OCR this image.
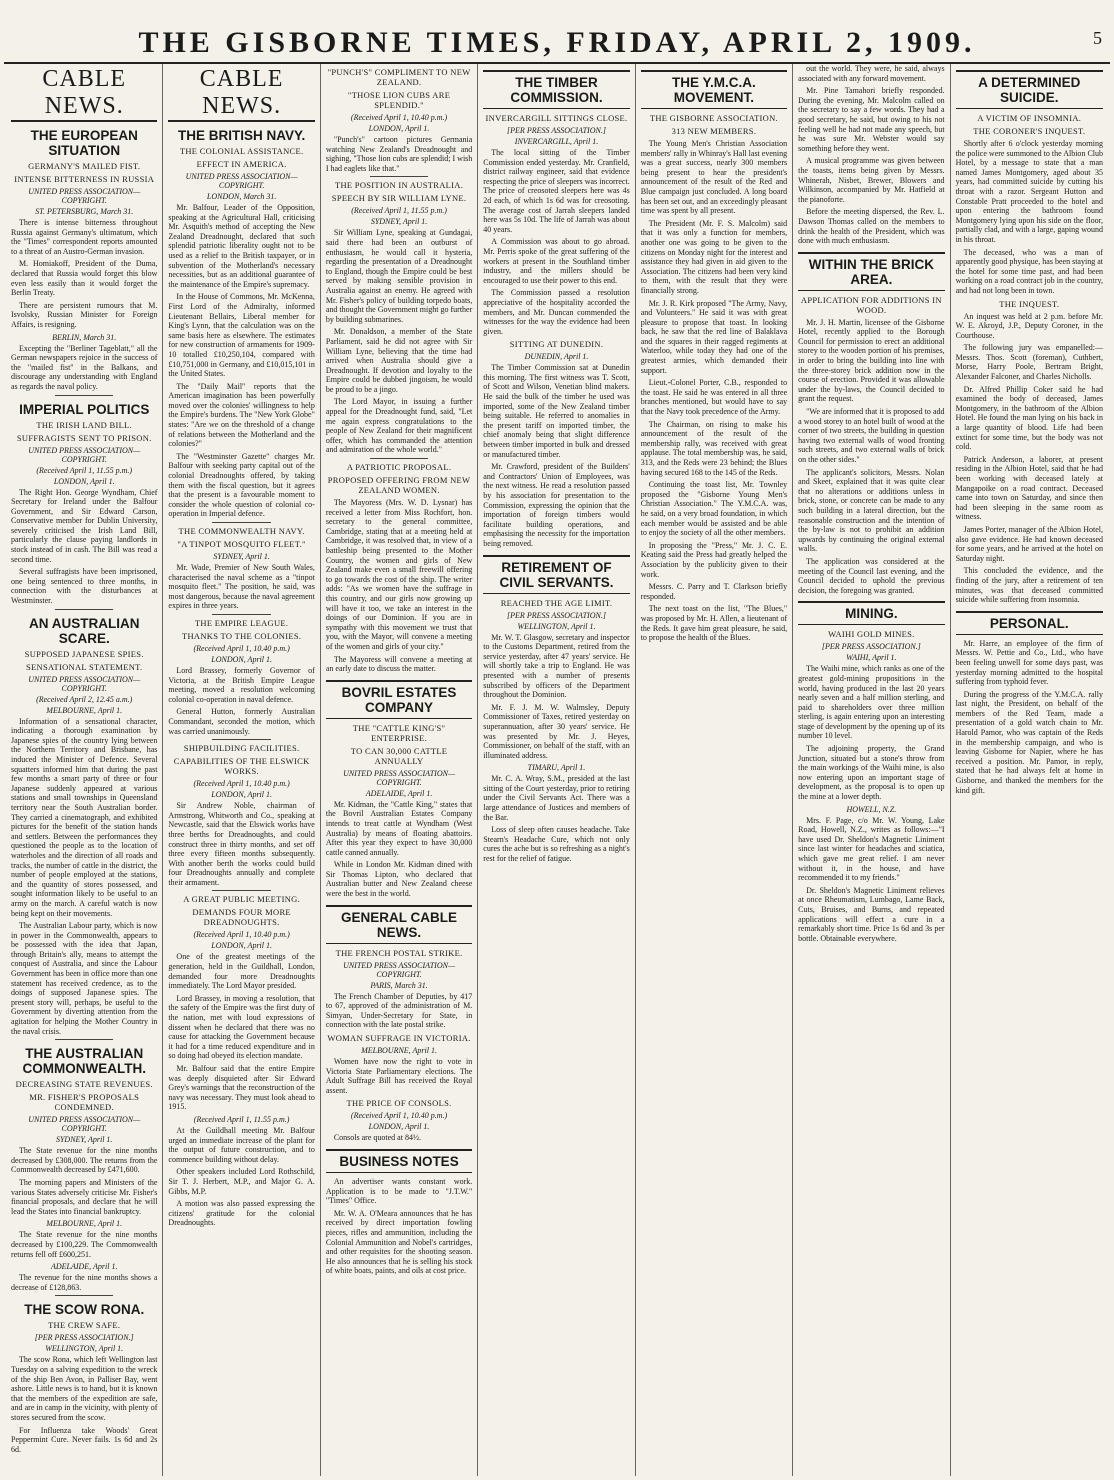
THE GISBORNE TIMES, FRIDAY, APRIL 2, 1909.	5
CABLE NEWS.
THE EUROPEAN SITUATION
GERMANY'S MAILED FIST.
INTENSE BITTERNESS IN RUSSIA
UNITED PRESS ASSOCIATION—COPYRIGHT.
ST. PETERSBURG, March 31.

There is intense bitterness throughout Russia against Germany's ultimatum, which the "Times" correspondent reports amounted to a threat of an Austro-German invasion.

M. Homiakoff, President of the Duma, declared that Russia would forget this blow even less easily than it would forget the Berlin Treaty.

There are persistent rumours that M. Isvolsky, Russian Minister for Foreign Affairs, is resigning.

BERLIN, March 31.

Excepting the "Berliner Tageblatt," all the German newspapers rejoice in the success of the "mailed fist" in the Balkans, and discourage any understanding with England as regards the naval policy.

IMPERIAL POLITICS
THE IRISH LAND BILL.
SUFFRAGISTS SENT TO PRISON.
UNITED PRESS ASSOCIATION—COPYRIGHT.
(Received April 1, 11.55 p.m.)
LONDON, April 1.

The Right Hon. George Wyndham, Chief Secretary for Ireland under the Balfour Government, and Sir Edward Carson, Conservative member for Dublin University, severely criticised the Irish Land Bill, particularly the clause paying landlords in stock instead of in cash. The Bill was read a second time.

Several suffragists have been imprisoned, one being sentenced to three months, in connection with the disturbances at Westminster.

AN AUSTRALIAN SCARE.
SUPPOSED JAPANESE SPIES.
SENSATIONAL STATEMENT.
UNITED PRESS ASSOCIATION—COPYRIGHT.
(Received April 2, 12.45 a.m.)
MELBOURNE, April 1.

Information of a sensational character, indicating a thorough examination by Japanese spies of the country lying between the Northern Territory and Brisbane, has induced the Minister of Defence. Several squatters informed him that during the past few months a smart party of three or four Japanese suddenly appeared at various stations and small townships in Queensland territory near the South Australian border. They carried a cinematograph, and exhibited pictures for the benefit of the station hands and settlers. Between the performances they questioned the people as to the location of waterholes and the direction of all roads and tracks, the number of cattle in the district, the number of people employed at the stations, and the quantity of stores possessed, and sought information likely to be useful to an army on the march. A careful watch is now being kept on their movements.

The Australian Labour party, which is now in power in the Commonwealth, appears to be possessed with the idea that Japan, through Britain's ally, means to attempt the conquest of Australia, and since the Labour Government has been in office more than one statement has received credence, as to the doings of supposed Japanese spies. The present story will, perhaps, be useful to the Government by diverting attention from the agitation for helping the Mother Country in the naval crisis.

THE AUSTRALIAN COMMONWEALTH.
DECREASING STATE REVENUES.
MR. FISHER'S PROPOSALS CONDEMNED.
UNITED PRESS ASSOCIATION—COPYRIGHT.
SYDNEY, April 1.

The State revenue for the nine months decreased by £308,000. The returns from the Commonwealth decreased by £471,600.

The morning papers and Ministers of the various States adversely criticise Mr. Fisher's financial proposals, and declare that he will lead the States into financial bankruptcy.

MELBOURNE, April 1.

The State revenue for the nine months decreased by £100,229. The Commonwealth returns fell off £600,251.

ADELAIDE, April 1.

The revenue for the nine months shows a decrease of £128,863.

THE SCOW RONA.
THE CREW SAFE.
[PER PRESS ASSOCIATION.]
WELLINGTON, April 1.

The scow Rona, which left Wellington last Tuesday on a salving expedition to the wreck of the ship Ben Avon, in Palliser Bay, went ashore. Little news is to hand, but it is known that the members of the expedition are safe, and are in camp in the vicinity, with plenty of stores secured from the scow.

For Influenza take Woods' Great Peppermint Cure. Never fails. 1s 6d and 2s 6d.

CABLE NEWS.
THE BRITISH NAVY.
THE COLONIAL ASSISTANCE.
EFFECT IN AMERICA.
UNITED PRESS ASSOCIATION—COPYRIGHT.
LONDON, March 31.

Mr. Balfour, Leader of the Opposition, speaking at the Agricultural Hall, criticising Mr. Asquith's method of accepting the New Zealand Dreadnought, declared that such splendid patriotic liberality ought not to be used as a relief to the British taxpayer, or in subvention of the Motherland's necessary necessities, but as an additional guarantee of the maintenance of the Empire's supremacy.

In the House of Commons, Mr. McKenna, First Lord of the Admiralty, informed Lieutenant Bellairs, Liberal member for King's Lynn, that the calculation was on the same basis here as elsewhere. The estimates for new construction of armaments for 1909-10 totalled £10,250,104, compared with £10,751,000 in Germany, and £10,015,101 in the United States.

The "Daily Mail" reports that the American imagination has been powerfully moved over the colonies' willingness to help the Empire's burdens. The "New York Globe" states: "Are we on the threshold of a change of relations between the Motherland and the colonies?"

The "Westminster Gazette" charges Mr. Balfour with seeking party capital out of the colonial Dreadnoughts offered, by taking them with the fiscal question, but it agrees that the present is a favourable moment to consider the whole question of colonial co-operation in Imperial defence.

THE COMMONWEALTH NAVY.
"A TINPOT MOSQUITO FLEET."
SYDNEY, April 1.

Mr. Wade, Premier of New South Wales, characterised the naval scheme as a "tinpot mosquito fleet." The position, he said, was most dangerous, because the naval agreement expires in three years.

THE EMPIRE LEAGUE.
THANKS TO THE COLONIES.
(Received April 1, 10.40 p.m.)
LONDON, April 1.

Lord Brassey, formerly Governor of Victoria, at the British Empire League meeting, moved a resolution welcoming colonial co-operation in naval defence.

General Hutton, formerly Australian Commandant, seconded the motion, which was carried unanimously.

SHIPBUILDING FACILITIES.
CAPABILITIES OF THE ELSWICK WORKS.
(Received April 1, 10.40 p.m.)
LONDON, April 1.

Sir Andrew Noble, chairman of Armstrong, Whitworth and Co., speaking at Newcastle, said that the Elswick works have three berths for Dreadnoughts, and could construct three in thirty months, and set off three every fifteen months subsequently. With another berth the works could build four Dreadnoughts annually and complete their armament.

A GREAT PUBLIC MEETING.
DEMANDS FOUR MORE DREADNOUGHTS.
(Received April 1, 10.40 p.m.)
LONDON, April 1.

One of the greatest meetings of the generation, held in the Guildhall, London, demanded four more Dreadnoughts immediately. The Lord Mayor presided.

Lord Brassey, in moving a resolution, that the safety of the Empire was the first duty of the nation, met with loud expressions of dissent when he declared that there was no cause for attacking the Government because it had for a time reduced expenditure and in so doing had obeyed its election mandate.

Mr. Balfour said that the entire Empire was deeply disquieted after Sir Edward Grey's warnings that the reconstruction of the navy was necessary. They must look ahead to 1915.

(Received April 1, 11.55 p.m.)

At the Guildhall meeting Mr. Balfour urged an immediate increase of the plant for the output of future construction, and to commence building without delay.

Other speakers included Lord Rothschild, Sir T. J. Herbert, M.P., and Major G. A. Gibbs, M.P.

A motion was also passed expressing the citizens' gratitude for the colonial Dreadnoughts.

"PUNCH'S" COMPLIMENT TO NEW ZEALAND.
"THOSE LION CUBS ARE SPLENDID."
(Received April 1, 10.40 p.m.)
LONDON, April 1.

"Punch's" cartoon pictures Germania watching New Zealand's Dreadnought and sighing, "Those lion cubs are splendid; I wish I had eaglets like that."

THE POSITION IN AUSTRALIA.
SPEECH BY SIR WILLIAM LYNE.
(Received April 1, 11.55 p.m.)
SYDNEY, April 1.

Sir William Lyne, speaking at Gundagai, said there had been an outburst of enthusiasm, he would call it hysteria, regarding the presentation of a Dreadnought to England, though the Empire could be best served by making sensible provision in Australia against an enemy. He agreed with Mr. Fisher's policy of building torpedo boats, and thought the Government might go further by building submarines.

Mr. Donaldson, a member of the State Parliament, said he did not agree with Sir William Lyne, believing that the time had arrived when Australia should give a Dreadnought. If devotion and loyalty to the Empire could be dubbed jingoism, he would be proud to be a jingo.

The Lord Mayor, in issuing a further appeal for the Dreadnought fund, said, "Let me again express congratulations to the people of New Zealand for their magnificent offer, which has commanded the attention and admiration of the whole world."

A PATRIOTIC PROPOSAL.
PROPOSED OFFERING FROM NEW ZEALAND WOMEN.

The Mayoress (Mrs. W. D. Lysnar) has received a letter from Miss Rochfort, hon. secretary to the general committee, Cambridge, stating that at a meeting held at Cambridge, it was resolved that, in view of a battleship being presented to the Mother Country, the women and girls of New Zealand make even a small freewill offering to go towards the cost of the ship. The writer adds: "As we women have the suffrage in this country, and our girls now growing up will have it too, we take an interest in the doings of our Dominion. If you are in sympathy with this movement we trust that you, with the Mayor, will convene a meeting of the women and girls of your city."

The Mayoress will convene a meeting at an early date to discuss the matter.

BOVRIL ESTATES COMPANY
THE "CATTLE KING'S" ENTERPRISE.
TO CAN 30,000 CATTLE ANNUALLY
UNITED PRESS ASSOCIATION—COPYRIGHT.
ADELAIDE, April 1.

Mr. Kidman, the "Cattle King," states that the Bovril Australian Estates Company intends to treat cattle at Wyndham (West Australia) by means of floating abattoirs. After this year they expect to have 30,000 cattle canned annually.

While in London Mr. Kidman dined with Sir Thomas Lipton, who declared that Australian butter and New Zealand cheese were the best in the world.

GENERAL CABLE NEWS.
THE FRENCH POSTAL STRIKE.
UNITED PRESS ASSOCIATION—COPYRIGHT.
PARIS, March 31.

The French Chamber of Deputies, by 417 to 67, approved of the administration of M. Simyan, Under-Secretary for State, in connection with the late postal strike.

WOMAN SUFFRAGE IN VICTORIA.
MELBOURNE, April 1.

Women have now the right to vote in Victoria State Parliamentary elections. The Adult Suffrage Bill has received the Royal assent.

THE PRICE OF CONSOLS.
(Received April 1, 10.40 p.m.)
LONDON, April 1.

Consols are quoted at 84½.

BUSINESS NOTES

An advertiser wants constant work. Application is to be made to "J.T.W." "Times" Office.

Mr. W. A. O'Meara announces that he has received by direct importation fowling pieces, rifles and ammunition, including the Colonial Ammunition and Nobel's cartridges, and other requisites for the shooting season. He also announces that he is selling his stock of white boats, paints, and oils at cost price.

THE TIMBER COMMISSION.
INVERCARGILL SITTINGS CLOSE.
[PER PRESS ASSOCIATION.]
INVERCARGILL, April 1.

The local sitting of the Timber Commission ended yesterday. Mr. Cranfield, district railway engineer, said that evidence respecting the price of sleepers was incorrect. The price of creosoted sleepers here was 4s 2d each, of which 1s 6d was for creosoting. The average cost of Jarrah sleepers landed here was 5s 10d. The life of Jarrah was about 40 years.

A Commission was about to go abroad. Mr. Perris spoke of the great suffering of the workers at present in the Southland timber industry, and the millers should be encouraged to use their power to this end.

The Commission passed a resolution appreciative of the hospitality accorded the members, and Mr. Duncan commended the witnesses for the way the evidence had been given.

SITTING AT DUNEDIN.
DUNEDIN, April 1.

The Timber Commission sat at Dunedin this morning. The first witness was T. Scott, of Scott and Wilson, Venetian blind makers. He said the bulk of the timber he used was imported, some of the New Zealand timber being suitable. He referred to anomalies in the present tariff on imported timber, the chief anomaly being that slight difference between timber imported in bulk and dressed or manufactured timber.

Mr. Crawford, president of the Builders' and Contractors' Union of Employees, was the next witness. He read a resolution passed by his association for presentation to the Commission, expressing the opinion that the importation of foreign timbers would facilitate building operations, and emphasising the necessity for the importation being removed.

RETIREMENT OF CIVIL SERVANTS.
REACHED THE AGE LIMIT.
[PER PRESS ASSOCIATION.]
WELLINGTON, April 1.

Mr. W. T. Glasgow, secretary and inspector to the Customs Department, retired from the service yesterday, after 47 years' service. He will shortly take a trip to England. He was presented with a number of presents subscribed by officers of the Department throughout the Dominion.

Mr. F. J. M. W. Walmsley, Deputy Commissioner of Taxes, retired yesterday on superannuation, after 30 years' service. He was presented by Mr. J. Heyes, Commissioner, on behalf of the staff, with an illuminated address.

TIMARU, April 1.

Mr. C. A. Wray, S.M., presided at the last sitting of the Court yesterday, prior to retiring under the Civil Servants Act. There was a large attendance of Justices and members of the Bar.

Loss of sleep often causes headache. Take Stearn's Headache Cure, which not only cures the ache but is so refreshing as a night's rest for the relief of fatigue.

THE Y.M.C.A. MOVEMENT.
THE GISBORNE ASSOCIATION.
313 NEW MEMBERS.

The Young Men's Christian Association members' rally in Whinray's Hall last evening was a great success, nearly 300 members being present to hear the president's announcement of the result of the Red and Blue campaign just concluded. A long board has been set out, and an exceedingly pleasant time was spent by all present.

The President (Mr. F. S. Malcolm) said that it was only a function for members, another one was going to be given to the citizens on Monday night for the interest and assistance they had given in aid given to the Association. The citizens had been very kind to them, with the result that they were financially strong.

Mr. J. R. Kirk proposed "The Army, Navy, and Volunteers." He said it was with great pleasure to propose that toast. In looking back, he saw that the red line of Balaklava and the squares in their ragged regiments at Waterloo, while today they had one of the greatest armies, which demanded their support.

Lieut.-Colonel Porter, C.B., responded to the toast. He said he was entered in all three branches mentioned, but would have to say that the Navy took precedence of the Army.

The Chairman, on rising to make his announcement of the result of the membership rally, was received with great applause. The total membership was, he said, 313, and the Reds were 23 behind; the Blues having secured 168 to the 145 of the Reds.

Continuing the toast list, Mr. Townley proposed the "Gisborne Young Men's Christian Association." The Y.M.C.A. was, he said, on a very broad foundation, in which each member would be assisted and be able to enjoy the society of all the other members.

In proposing the "Press," Mr. J. C. E. Keating said the Press had greatly helped the Association by the publicity given to their work.

Messrs. C. Parry and T. Clarkson briefly responded.

The next toast on the list, "The Blues," was proposed by Mr. H. Allen, a lieutenant of the Reds. It gave him great pleasure, he said, to propose the health of the Blues.

out the world. They were, he said, always associated with any forward movement.

Mr. Pine Tamahori briefly responded. During the evening, Mr. Malcolm called on the secretary to say a few words. They had a good secretary, he said, but owing to his not feeling well he had not made any speech, but he was sure Mr. Webster would say something before they went.

A musical programme was given between the toasts, items being given by Messrs. Whinerah, Nisbet, Brewer, Blowers and Wilkinson, accompanied by Mr. Hatfield at the pianoforte.

Before the meeting dispersed, the Rev. L. Dawson Thomas called on the members to drink the health of the President, which was done with much enthusiasm.

WITHIN THE BRICK AREA.
APPLICATION FOR ADDITIONS IN WOOD.

Mr. J. H. Martin, licensee of the Gisborne Hotel, recently applied to the Borough Council for permission to erect an additional storey to the wooden portion of his premises, in order to bring the building into line with the three-storey brick addition now in the course of erection. Provided it was allowable under the by-laws, the Council decided to grant the request.

"We are informed that it is proposed to add a wood storey to an hotel built of wood at the corner of two streets, the building in question having two external walls of wood fronting such streets, and two external walls of brick on the other sides."

The applicant's solicitors, Messrs. Nolan and Skeet, explained that it was quite clear that no alterations or additions unless in brick, stone, or concrete can be made to any such building in a lateral direction, but the reasonable construction and the intention of the by-law is not to prohibit an addition upwards by continuing the original external walls.

The application was considered at the meeting of the Council last evening, and the Council decided to uphold the previous decision, the foregoing was granted.

MINING.
WAIHI GOLD MINES.
[PER PRESS ASSOCIATION.]
WAIHI, April 1.

The Waihi mine, which ranks as one of the greatest gold-mining propositions in the world, having produced in the last 20 years nearly seven and a half million sterling, and paid to shareholders over three million sterling, is again entering upon an interesting stage of development by the opening up of its number 10 level.

The adjoining property, the Grand Junction, situated but a stone's throw from the main workings of the Waihi mine, is also now entering upon an important stage of development, as the proposal is to open up the mine at a lower depth.

HOWELL, N.Z.

Mrs. F. Page, c/o Mr. W. Young, Lake Road, Howell, N.Z., writes as follows:—"I have used Dr. Sheldon's Magnetic Liniment since last winter for headaches and sciatica, which gave me great relief. I am never without it, in the house, and have recommended it to my friends."

Dr. Sheldon's Magnetic Liniment relieves at once Rheumatism, Lumbago, Lame Back, Cuts, Bruises, and Burns, and repeated applications will effect a cure in a remarkably short time. Price 1s 6d and 3s per bottle. Obtainable everywhere.

A DETERMINED SUICIDE.
A VICTIM OF INSOMNIA.
THE CORONER'S INQUEST.

Shortly after 6 o'clock yesterday morning the police were summoned to the Albion Club Hotel, by a message to state that a man named James Montgomery, aged about 35 years, had committed suicide by cutting his throat with a razor. Sergeant Hutton and Constable Pratt proceeded to the hotel and upon entering the bathroom found Montgomery lying upon his side on the floor, partially clad, and with a large, gaping wound in his throat.

The deceased, who was a man of apparently good physique, has been staying at the hotel for some time past, and had been working on a road contract job in the country, and had not long been in town.

THE INQUEST.

An inquest was held at 2 p.m. before Mr. W. E. Akroyd, J.P., Deputy Coroner, in the Courthouse.

The following jury was empanelled:—Messrs. Thos. Scott (foreman), Cuthbert, Morse, Harry Poole, Bertram Bright, Alexander Falconer, and Charles Nicholls.

Dr. Alfred Phillip Coker said he had examined the body of deceased, James Montgomery, in the bathroom of the Albion Hotel. He found the man lying on his back in a large quantity of blood. Life had been extinct for some time, but the body was not cold.

Patrick Anderson, a laborer, at present residing in the Albion Hotel, said that he had been working with deceased lately at Mangapoike on a road contract. Deceased came into town on Saturday, and since then had been sleeping in the same room as witness.

James Porter, manager of the Albion Hotel, also gave evidence. He had known deceased for some years, and he arrived at the hotel on Saturday night.

This concluded the evidence, and the finding of the jury, after a retirement of ten minutes, was that deceased committed suicide while suffering from insomnia.

PERSONAL.

Mr. Harre, an employee of the firm of Messrs. W. Pettie and Co., Ltd., who have been feeling unwell for some days past, was yesterday morning admitted to the hospital suffering from typhoid fever.

During the progress of the Y.M.C.A. rally last night, the President, on behalf of the members of the Red Team, made a presentation of a gold watch chain to Mr. Harold Pamor, who was captain of the Reds in the membership campaign, and who is leaving Gisborne for Napier, where he has received a position. Mr. Pamor, in reply, stated that he had always felt at home in Gisborne, and thanked the members for the kind gift.
